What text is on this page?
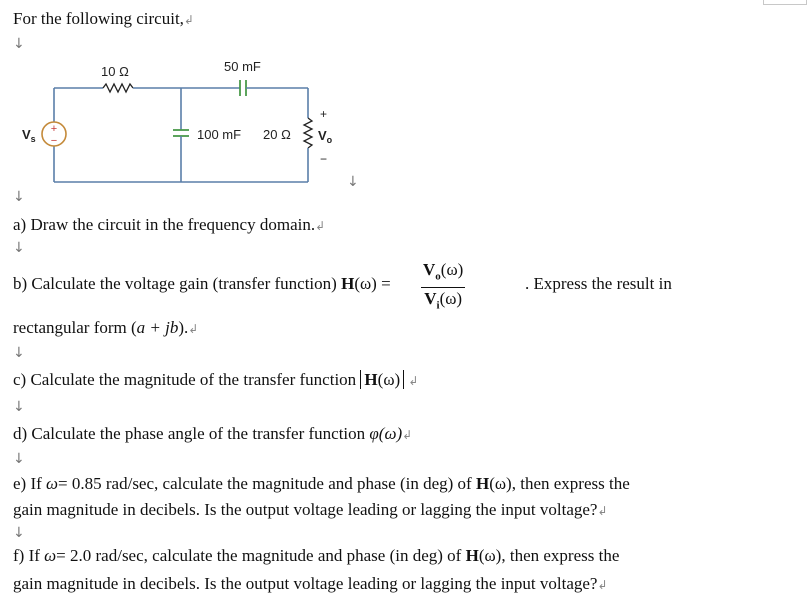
For the following circuit,↲
↓
+
−
10 Ω	50 mF
100 mF 20 Ω
$V_s$
+
$V_o$
−
↓
↓
a) Draw the circuit in the frequency domain.↲
↓
b) Calculate the voltage gain (transfer function) $H(\omega) = \frac{V_o(\omega)}{V_i(\omega)}$	. Express the result in
rectangular form (a + jb).↲
↓
c) Calculate the magnitude of the transfer function H(ω) ↲
↓
d) Calculate the phase angle of the transfer function φ(ω)↲
↓
e) If ω= 0.85 rad/sec, calculate the magnitude and phase (in deg) of H(ω), then express the
gain magnitude in decibels. Is the output voltage leading or lagging the input voltage?↲
↓
f) If ω= 2.0 rad/sec, calculate the magnitude and phase (in deg) of H(ω), then express the
gain magnitude in decibels. Is the output voltage leading or lagging the input voltage?↲
